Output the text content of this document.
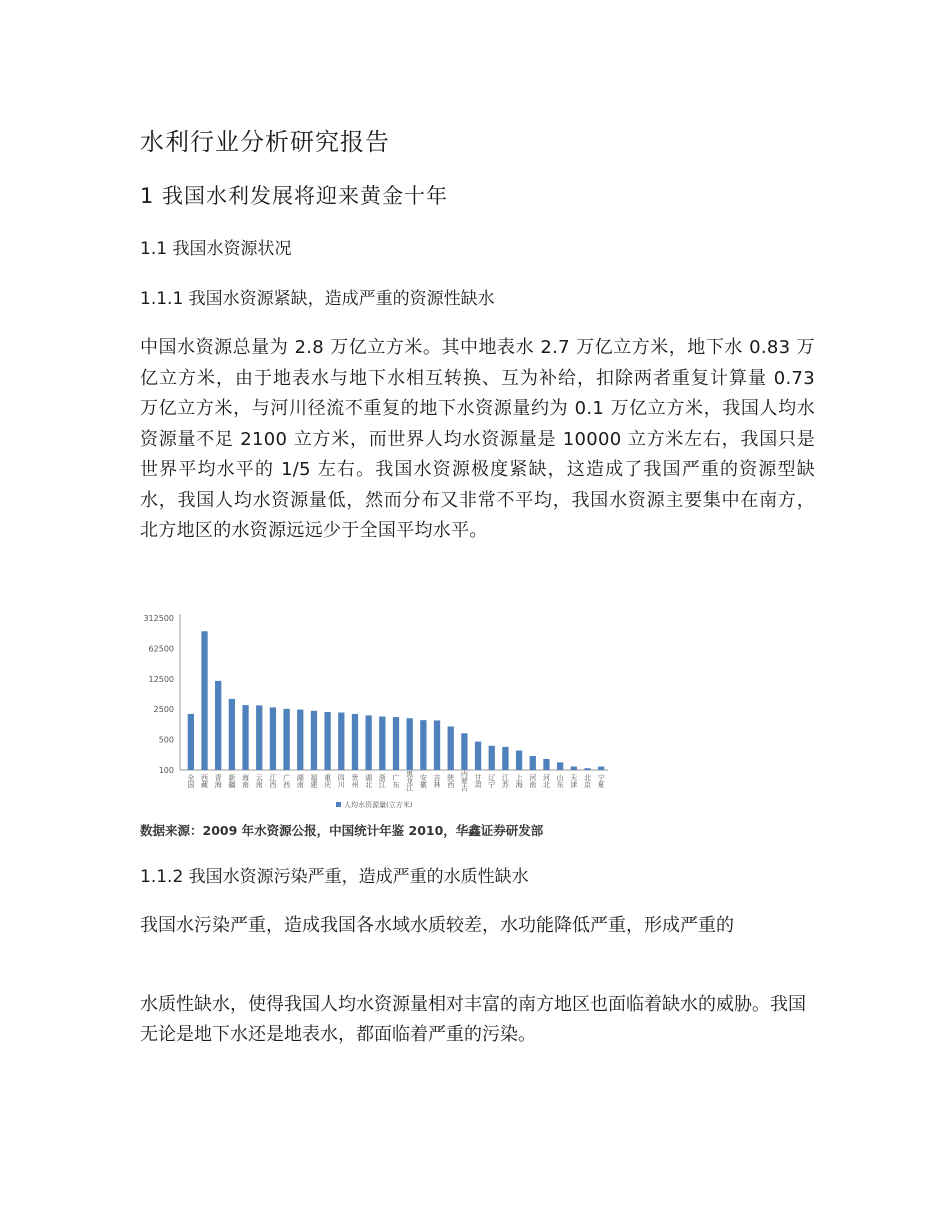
水利行业分析研究报告
1 我国水利发展将迎来黄金十年
1.1 我国水资源状况
1.1.1 我国水资源紧缺，造成严重的资源性缺水

中国水资源总量为 2.8 万亿立方米。其中地表水 2.7 万亿立方米，地下水 0.83 万亿立方米，由于地表水与地下水相互转换、互为补给，扣除两者重复计算量 0.73 万亿立方米，与河川径流不重复的地下水资源量约为 0.1 万亿立方米，我国人均水资源量不足 2100 立方米，而世界人均水资源量是 10000 立方米左右，我国只是世界平均水平的 1/5 左右。我国水资源极度紧缺，这造成了我国严重的资源型缺水，我国人均水资源量低，然而分布又非常不平均，我国水资源主要集中在南方，北方地区的水资源远远少于全国平均水平。

312500
62500
12500
2500
500
100
全国 西藏 青海 新疆 海南 云南 江西 广西 湖南 福建 重庆 四川 贵州 湖北 浙江 广东 黑龙江 安徽 吉林 陕西 内蒙古 甘肃 辽宁 江苏 上海 河南 河北 山东 天津 北京 宁夏
人均水资源量(立方米)
数据来源：2009 年水资源公报，中国统计年鉴 2010，华鑫证券研发部
1.1.2 我国水资源污染严重，造成严重的水质性缺水

我国水污染严重，造成我国各水域水质较差，水功能降低严重，形成严重的

水质性缺水，使得我国人均水资源量相对丰富的南方地区也面临着缺水的威胁。我国无论是地下水还是地表水，都面临着严重的污染。
